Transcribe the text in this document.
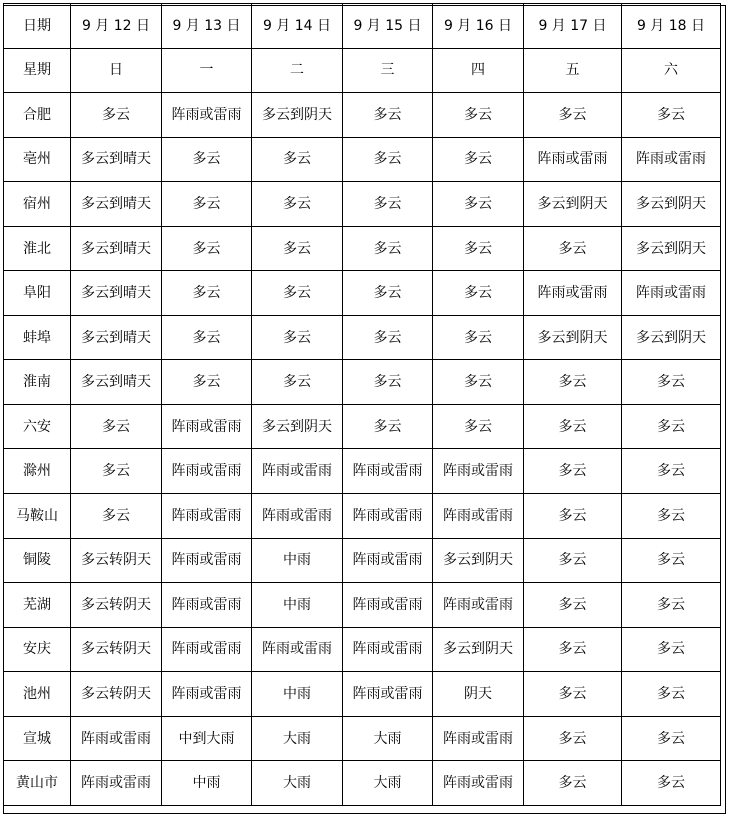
日期	9 月 12 日	9 月 13 日	9 月 14 日	9 月 15 日	9 月 16 日	9 月 17 日	9 月 18 日
星期	日	一	二	三	四	五	六
合肥	多云	阵雨或雷雨	多云到阴天	多云	多云	多云	多云
亳州	多云到晴天	多云	多云	多云	多云	阵雨或雷雨	阵雨或雷雨
宿州	多云到晴天	多云	多云	多云	多云	多云到阴天	多云到阴天
淮北	多云到晴天	多云	多云	多云	多云	多云	多云到阴天
阜阳	多云到晴天	多云	多云	多云	多云	阵雨或雷雨	阵雨或雷雨
蚌埠	多云到晴天	多云	多云	多云	多云	多云到阴天	多云到阴天
淮南	多云到晴天	多云	多云	多云	多云	多云	多云
六安	多云	阵雨或雷雨	多云到阴天	多云	多云	多云	多云
滁州	多云	阵雨或雷雨	阵雨或雷雨	阵雨或雷雨	阵雨或雷雨	多云	多云
马鞍山	多云	阵雨或雷雨	阵雨或雷雨	阵雨或雷雨	阵雨或雷雨	多云	多云
铜陵	多云转阴天	阵雨或雷雨	中雨	阵雨或雷雨	多云到阴天	多云	多云
芜湖	多云转阴天	阵雨或雷雨	中雨	阵雨或雷雨	阵雨或雷雨	多云	多云
安庆	多云转阴天	阵雨或雷雨	阵雨或雷雨	阵雨或雷雨	多云到阴天	多云	多云
池州	多云转阴天	阵雨或雷雨	中雨	阵雨或雷雨	阴天	多云	多云
宣城	阵雨或雷雨	中到大雨	大雨	大雨	阵雨或雷雨	多云	多云
黄山市	阵雨或雷雨	中雨	大雨	大雨	阵雨或雷雨	多云	多云
